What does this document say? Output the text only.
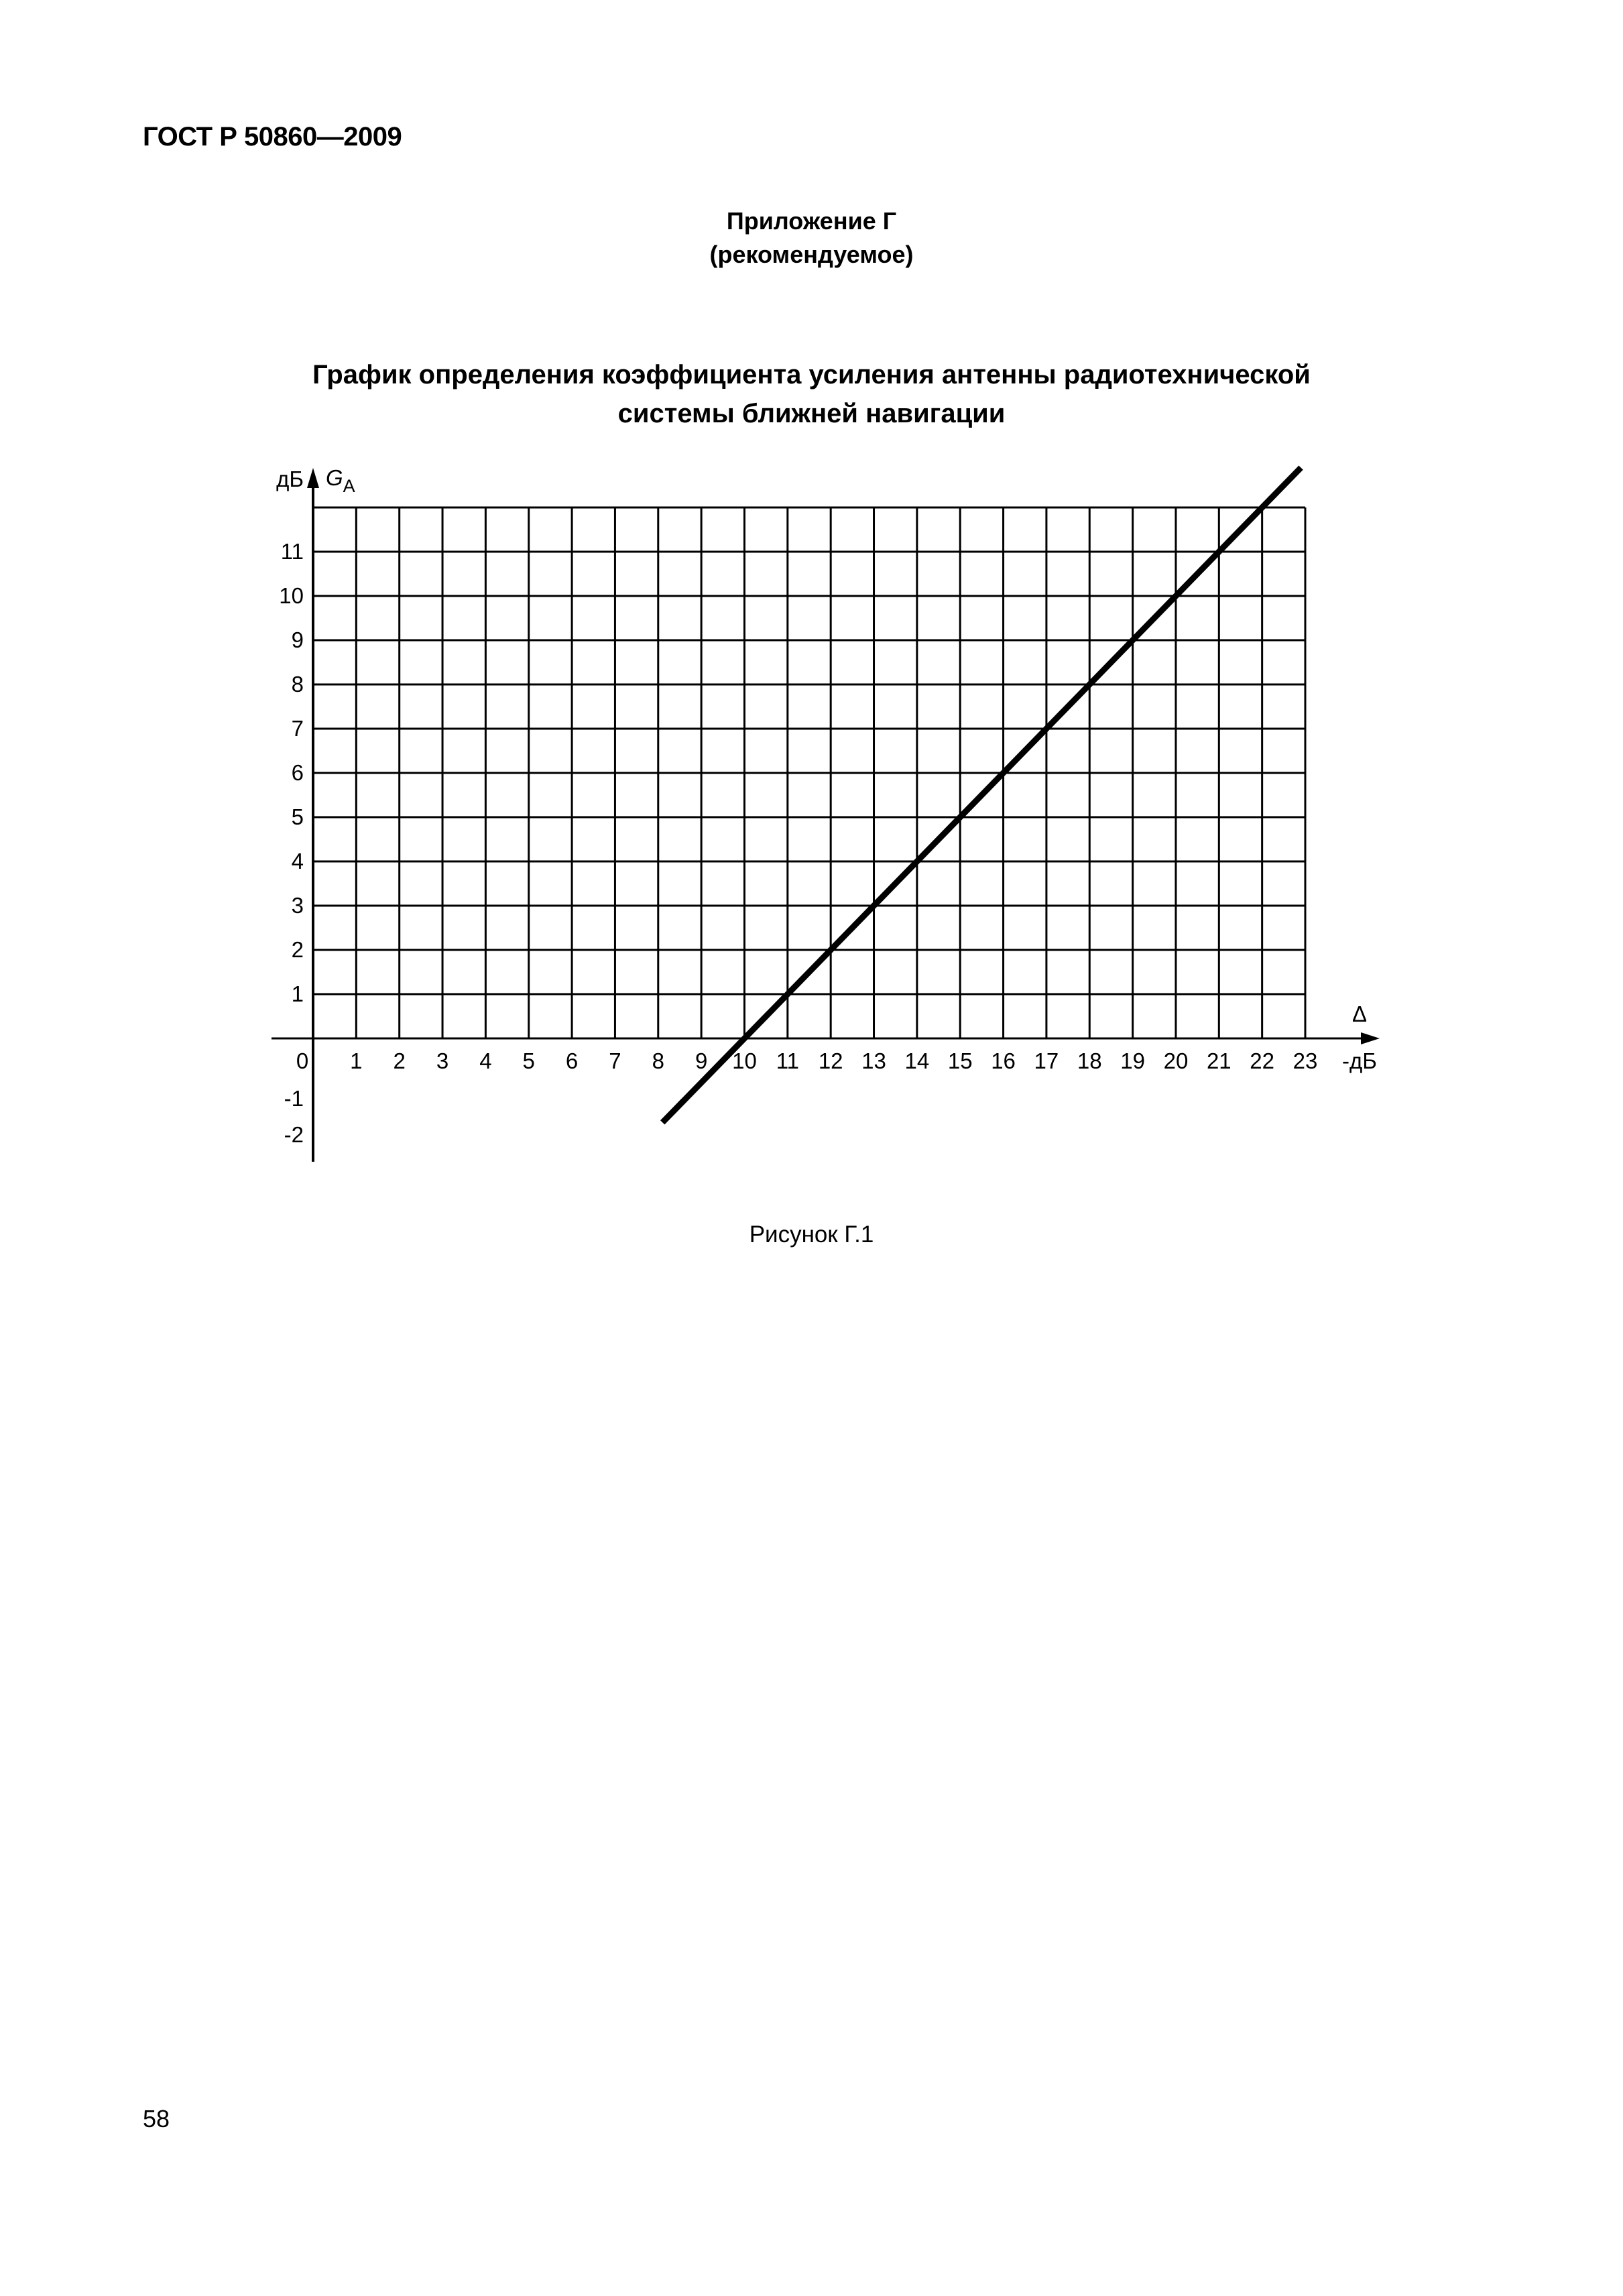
ГОСТ Р 50860—2009
Приложение Г
(рекомендуемое)
График определения коэффициента усиления антенны радиотехнической
системы ближней навигации
0 1 2 3 4 5 6 7 8 9 10 11 12 13 14 15 16 17 18 19 20 21 22 23
1
2
3
4
5
6
7
8
9
10
11
-1
-2
дБ $G_A$
Δ
-дБ
Рисунок Г.1
58
